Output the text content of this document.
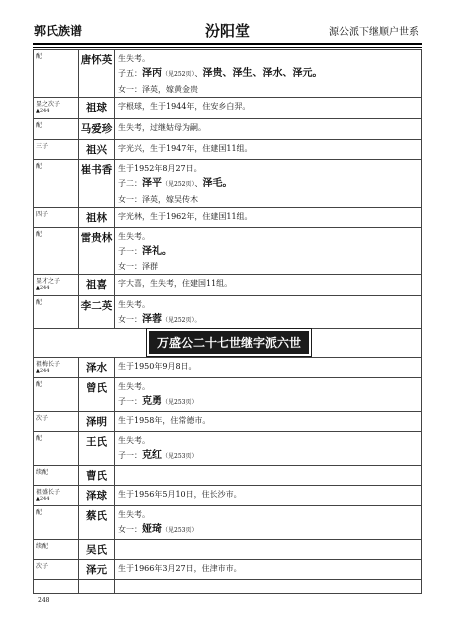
郭氏族谱	汾阳堂	源公派下继顺户世系
配	唐怀英	生失考。
子五：泽丙（见252页）、泽贵、泽生、泽水、泽元。
女一：泽英，嫁黄金贵

显之次子
▲244	祖球	字根球，生于1944年，住安乡白羿。

配	马爱珍	生失考，过继姑母为嗣。

三子	祖兴	字光兴，生于1947年，住建国11组。

配	崔书香	生于1952年8月27日。
子二：泽平（见252页）、泽毛。
女一：泽英，嫁吴传木

四子	祖林	字光林，生于1962年，住建国11组。

配	雷贵林	生失考。
子一：泽礼。
女一：泽群

显才之子
▲244	祖喜	字大喜，生失考，住建国11组。

配	李二英	生失考。
女一：泽蓉（见252页）。

万盛公二十七世继字派六世		
祖梅长子
▲244	泽水	生于1950年9月8日。

配	曾氏	生失考。
子一：克勇（见253页）

次子	泽明	生于1958年，住常德市。

配	王氏	生失考。
子一：克红（见253页）

续配	曹氏	

祖盛长子
▲244	泽球	生于1956年5月10日，住长沙市。

配	蔡氏	生失考。
女一：娅琦（见253页）

续配	吴氏	

次子	泽元	生于1966年3月27日，住津市市。

248
